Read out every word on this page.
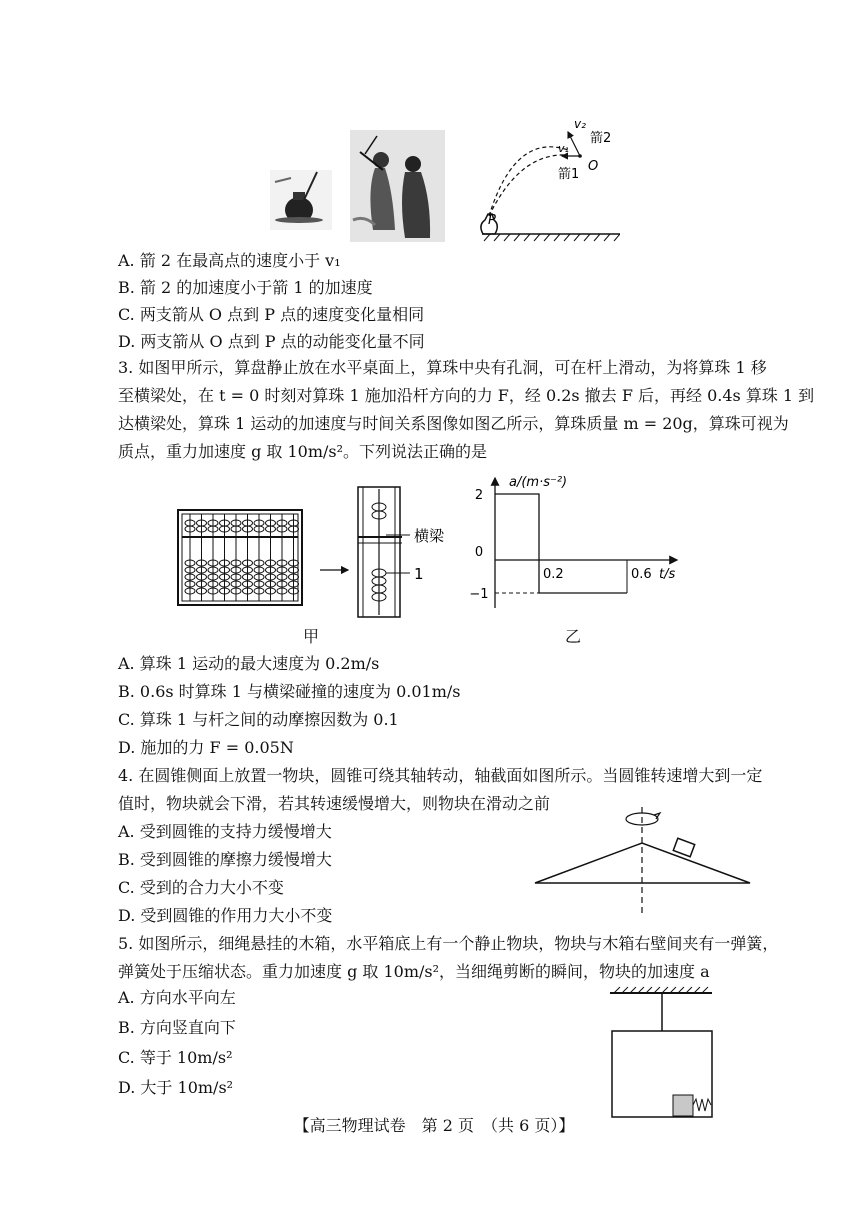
O
P
箭2
箭1
v₂
v₁
A. 箭 2 在最高点的速度小于 v₁
B. 箭 2 的加速度小于箭 1 的加速度
C. 两支箭从 O 点到 P 点的速度变化量相同
D. 两支箭从 O 点到 P 点的动能变化量不同
3. 如图甲所示，算盘静止放在水平桌面上，算珠中央有孔洞，可在杆上滑动，为将算珠 1 移
至横梁处，在 t = 0 时刻对算珠 1 施加沿杆方向的力 F，经 0.2s 撤去 F 后，再经 0.4s 算珠 1 到
达横梁处，算珠 1 运动的加速度与时间关系图像如图乙所示，算珠质量 m = 20g，算珠可视为
质点，重力加速度 g 取 10m/s²。下列说法正确的是
横梁
1
甲
a/(m·s⁻²)
t/s
2
0
−1
0.2	0.6
乙
A. 算珠 1 运动的最大速度为 0.2m/s
B. 0.6s 时算珠 1 与横梁碰撞的速度为 0.01m/s
C. 算珠 1 与杆之间的动摩擦因数为 0.1
D. 施加的力 F = 0.05N
4. 在圆锥侧面上放置一物块，圆锥可绕其轴转动，轴截面如图所示。当圆锥转速增大到一定
值时，物块就会下滑，若其转速缓慢增大，则物块在滑动之前
A. 受到圆锥的支持力缓慢增大
B. 受到圆锥的摩擦力缓慢增大
C. 受到的合力大小不变
D. 受到圆锥的作用力大小不变
5. 如图所示，细绳悬挂的木箱，水平箱底上有一个静止物块，物块与木箱右壁间夹有一弹簧，
弹簧处于压缩状态。重力加速度 g 取 10m/s²，当细绳剪断的瞬间，物块的加速度 a
A. 方向水平向左
B. 方向竖直向下
C. 等于 10m/s²
D. 大于 10m/s²
【高三物理试卷　第 2 页　（共 6 页）】
